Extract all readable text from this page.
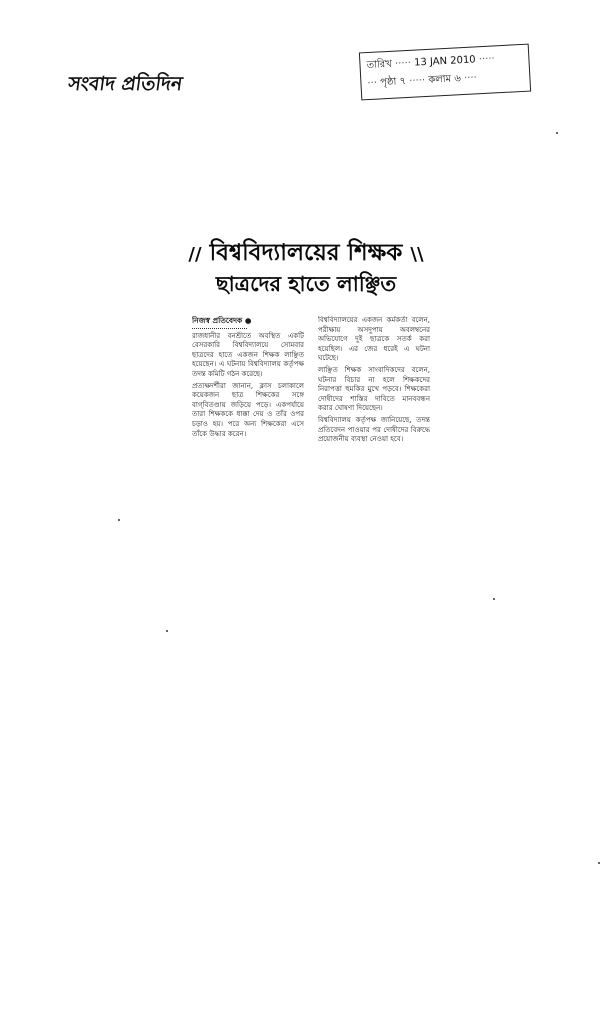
সংবাদ প্রতিদিন
তারিখ ····· 13 JAN 2010 ·····
··· পৃষ্ঠা ৭ ····· কলাম ৬ ····
// বিশ্ববিদ্যালয়ের শিক্ষক \\
ছাত্রদের হাতে লাঞ্ছিত
নিজস্ব প্রতিবেদক ●

রাজধানীর বনশ্রীতে অবস্থিত একটি বেসরকারি বিশ্ববিদ্যালয়ে সোমবার ছাত্রদের হাতে একজন শিক্ষক লাঞ্ছিত হয়েছেন। এ ঘটনায় বিশ্ববিদ্যালয় কর্তৃপক্ষ তদন্ত কমিটি গঠন করেছে।

প্রত্যক্ষদর্শীরা জানান, ক্লাস চলাকালে কয়েকজন ছাত্র শিক্ষকের সঙ্গে বাগ্‌বিতণ্ডায় জড়িয়ে পড়ে। একপর্যায়ে তারা শিক্ষককে ধাক্কা দেয় ও তাঁর ওপর চড়াও হয়। পরে অন্য শিক্ষকেরা এসে তাঁকে উদ্ধার করেন।

বিশ্ববিদ্যালয়ের একজন কর্মকর্তা বলেন, পরীক্ষায় অসদুপায় অবলম্বনের অভিযোগে দুই ছাত্রকে সতর্ক করা হয়েছিল। এর জের ধরেই এ ঘটনা ঘটেছে।

লাঞ্ছিত শিক্ষক সাংবাদিকদের বলেন, ঘটনার বিচার না হলে শিক্ষকদের নিরাপত্তা হুমকির মুখে পড়বে। শিক্ষকেরা দোষীদের শাস্তির দাবিতে মানববন্ধন করার ঘোষণা দিয়েছেন।

বিশ্ববিদ্যালয় কর্তৃপক্ষ জানিয়েছে, তদন্ত প্রতিবেদন পাওয়ার পর দোষীদের বিরুদ্ধে প্রয়োজনীয় ব্যবস্থা নেওয়া হবে।
